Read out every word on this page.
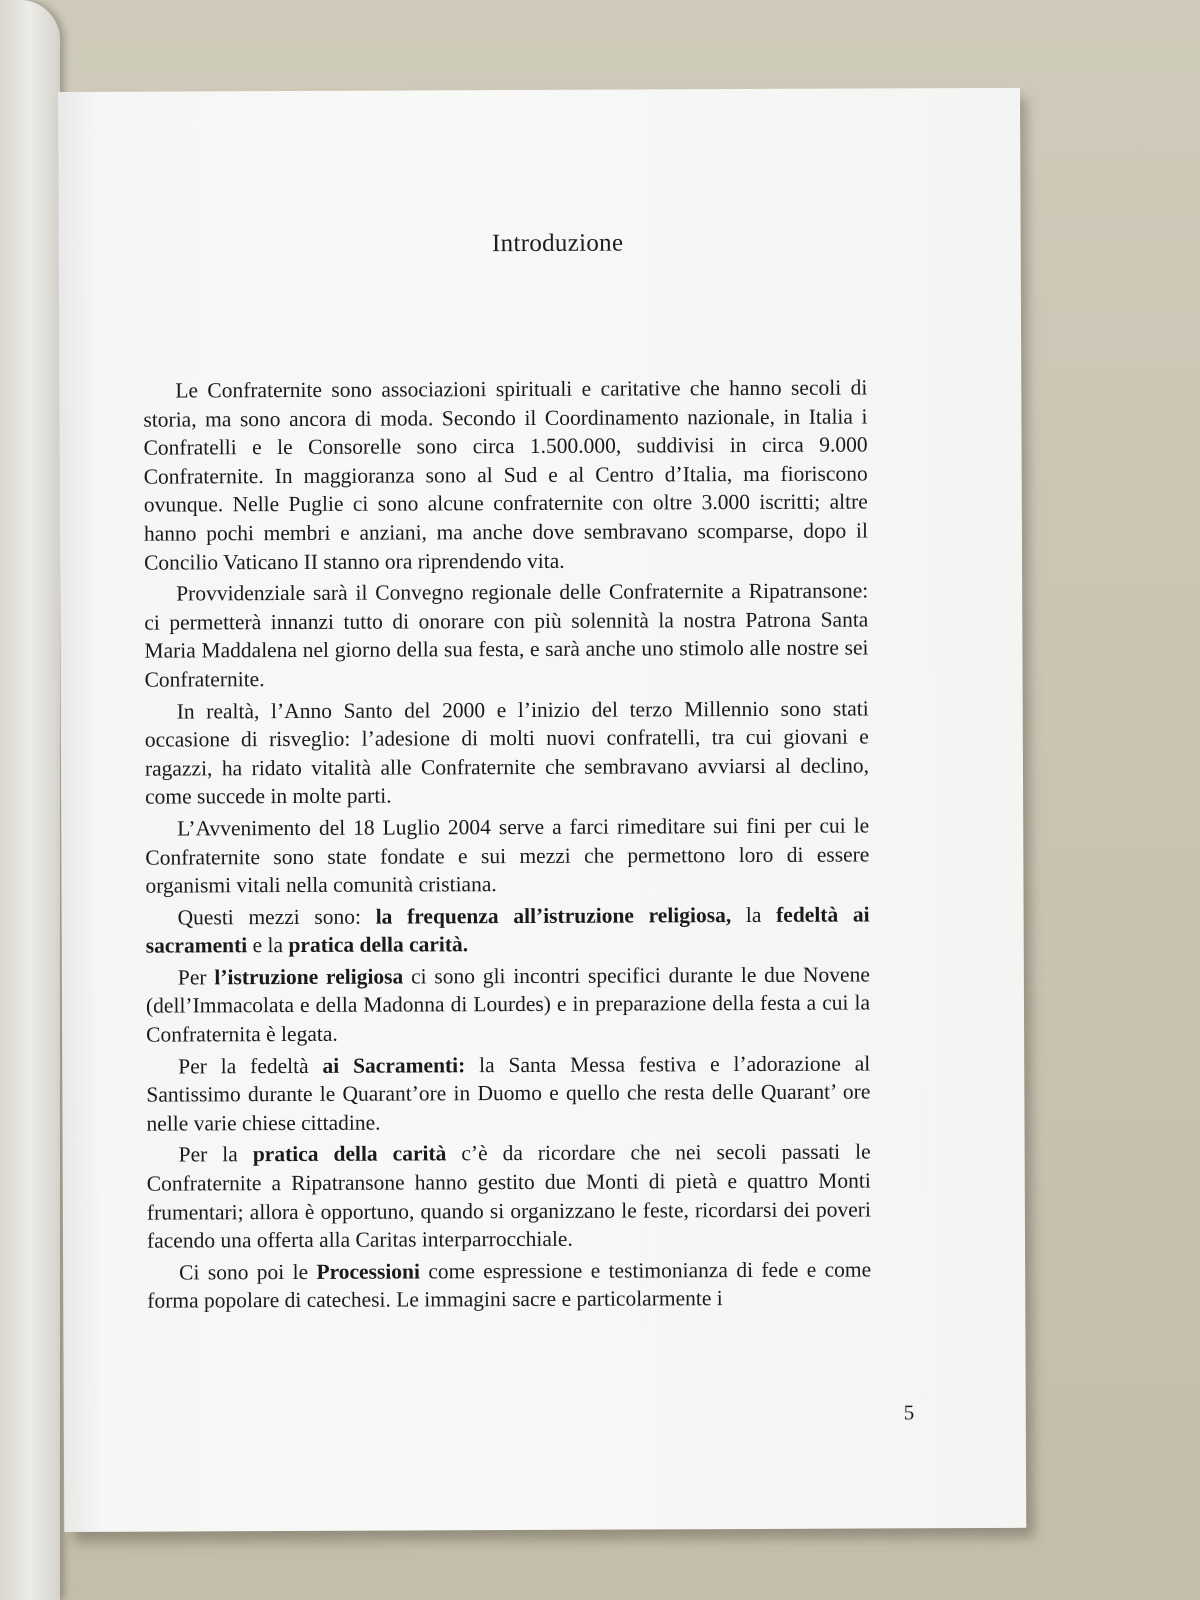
Introduzione

Le Confraternite sono associazioni spirituali e caritative che hanno secoli di storia, ma sono ancora di moda. Secondo il Coordinamento nazionale, in Italia i Confratelli e le Consorelle sono circa 1.500.000, suddivisi in circa 9.000 Confraternite. In maggioranza sono al Sud e al Centro d’Italia, ma fioriscono ovunque. Nelle Puglie ci sono alcune confraternite con oltre 3.000 iscritti; altre hanno pochi membri e anziani, ma anche dove sembravano scomparse, dopo il Concilio Vaticano II stanno ora riprendendo vita.

Provvidenziale sarà il Convegno regionale delle Confraternite a Ripatransone: ci permetterà innanzi tutto di onorare con più solennità la nostra Patrona Santa Maria Maddalena nel giorno della sua festa, e sarà anche uno stimolo alle nostre sei Confraternite.

In realtà, l’Anno Santo del 2000 e l’inizio del terzo Millennio sono stati occasione di risveglio: l’adesione di molti nuovi confratelli, tra cui giovani e ragazzi, ha ridato vitalità alle Confraternite che sembravano avviarsi al declino, come succede in molte parti.

L’Avvenimento del 18 Luglio 2004 serve a farci rimeditare sui fini per cui le Confraternite sono state fondate e sui mezzi che permettono loro di essere organismi vitali nella comunità cristiana.

Questi mezzi sono: la frequenza all’istruzione religiosa, la fedeltà ai sacramenti e la pratica della carità.

Per l’istruzione religiosa ci sono gli incontri specifici durante le due Novene (dell’Immacolata e della Madonna di Lourdes) e in preparazione della festa a cui la Confraternita è legata.

Per la fedeltà ai Sacramenti: la Santa Messa festiva e l’adorazione al Santissimo durante le Quarant’ore in Duomo e quello che resta delle Quarant’ ore nelle varie chiese cittadine.

Per la pratica della carità c’è da ricordare che nei secoli passati le Confraternite a Ripatransone hanno gestito due Monti di pietà e quattro Monti frumentari; allora è opportuno, quando si organizzano le feste, ricordarsi dei poveri facendo una offerta alla Caritas interparrocchiale.

Ci sono poi le Processioni come espressione e testimonianza di fede e come forma popolare di catechesi. Le immagini sacre e particolarmente i

5
